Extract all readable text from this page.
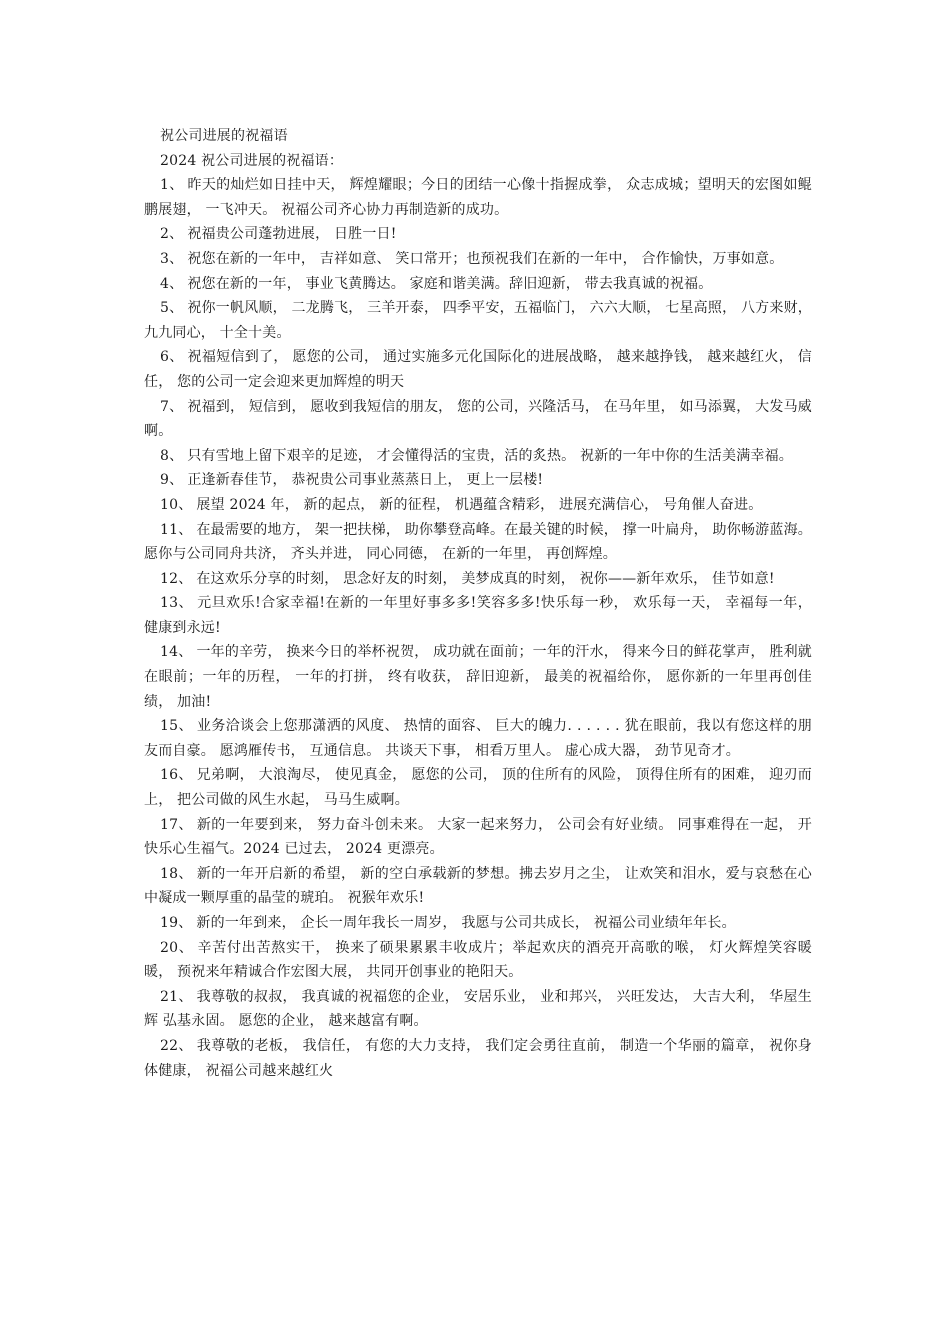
祝公司进展的祝福语

2024 祝公司进展的祝福语：

1、 昨天的灿烂如日挂中天， 辉煌耀眼；今日的团结一心像十指握成拳， 众志成城；望明天的宏图如鲲鹏展翅， 一飞冲天。 祝福公司齐心协力再制造新的成功。

2、 祝福贵公司蓬勃进展， 日胜一日!

3、 祝您在新的一年中， 吉祥如意、 笑口常开；也预祝我们在新的一年中， 合作愉快，万事如意。

4、 祝您在新的一年， 事业飞黄腾达。 家庭和谐美满。辞旧迎新， 带去我真诚的祝福。

5、 祝你一帆风顺， 二龙腾飞， 三羊开泰， 四季平安，五福临门， 六六大顺， 七星高照， 八方来财， 九九同心， 十全十美。

6、 祝福短信到了， 愿您的公司， 通过实施多元化国际化的进展战略， 越来越挣钱， 越来越红火， 信任， 您的公司一定会迎来更加辉煌的明天

7、 祝福到， 短信到， 愿收到我短信的朋友， 您的公司，兴隆活马， 在马年里， 如马添翼， 大发马威啊。

8、 只有雪地上留下艰辛的足迹， 才会懂得活的宝贵，活的炙热。 祝新的一年中你的生活美满幸福。

9、 正逢新春佳节， 恭祝贵公司事业蒸蒸日上， 更上一层楼!

10、 展望 2024 年， 新的起点， 新的征程， 机遇蕴含精彩， 进展充满信心， 号角催人奋进。

11、 在最需要的地方， 架一把扶梯， 助你攀登高峰。在最关键的时候， 撑一叶扁舟， 助你畅游蓝海。 愿你与公司同舟共济， 齐头并进， 同心同德， 在新的一年里， 再创辉煌。

12、 在这欢乐分享的时刻， 思念好友的时刻， 美梦成真的时刻， 祝你——新年欢乐， 佳节如意!

13、 元旦欢乐!合家幸福!在新的一年里好事多多!笑容多多!快乐每一秒， 欢乐每一天， 幸福每一年， 健康到永远!

14、 一年的辛劳， 换来今日的举杯祝贺， 成功就在面前；一年的汗水， 得来今日的鲜花掌声， 胜利就在眼前；一年的历程， 一年的打拼， 终有收获， 辞旧迎新， 最美的祝福给你， 愿你新的一年里再创佳绩， 加油!

15、 业务洽谈会上您那潇洒的风度、 热情的面容、 巨大的魄力. . . . . . 犹在眼前，我以有您这样的朋友而自豪。 愿鸿雁传书， 互通信息。 共谈天下事， 相看万里人。 虚心成大器， 劲节见奇才。

16、 兄弟啊， 大浪淘尽， 使见真金， 愿您的公司， 顶的住所有的风险， 顶得住所有的困难， 迎刃而上， 把公司做的风生水起， 马马生威啊。

17、 新的一年要到来， 努力奋斗创未来。 大家一起来努力， 公司会有好业绩。 同事难得在一起， 开快乐心生福气。2024 已过去， 2024 更漂亮。

18、 新的一年开启新的希望， 新的空白承载新的梦想。拂去岁月之尘， 让欢笑和泪水，爱与哀愁在心中凝成一颗厚重的晶莹的琥珀。 祝猴年欢乐!

19、 新的一年到来， 企长一周年我长一周岁， 我愿与公司共成长， 祝福公司业绩年年长。

20、 辛苦付出苦熬实干， 换来了硕果累累丰收成片；举起欢庆的酒亮开高歌的喉， 灯火辉煌笑容暖暖， 预祝来年精诚合作宏图大展， 共同开创事业的艳阳天。

21、 我尊敬的叔叔， 我真诚的祝福您的企业， 安居乐业， 业和邦兴， 兴旺发达， 大吉大利， 华屋生辉 弘基永固。 愿您的企业， 越来越富有啊。

22、 我尊敬的老板， 我信任， 有您的大力支持， 我们定会勇往直前， 制造一个华丽的篇章， 祝你身体健康， 祝福公司越来越红火
